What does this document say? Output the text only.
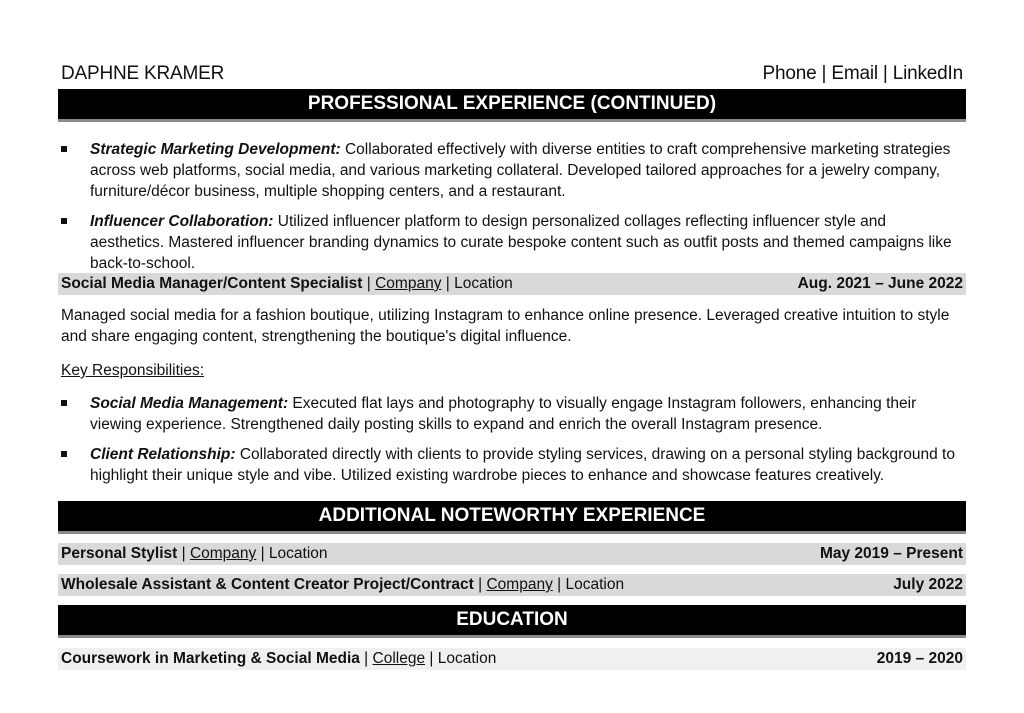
DAPHNE KRAMER	Phone | Email | LinkedIn
PROFESSIONAL EXPERIENCE (CONTINUED)
Strategic Marketing Development: Collaborated effectively with diverse entities to craft comprehensive marketing strategies across web platforms, social media, and various marketing collateral. Developed tailored approaches for a jewelry company, furniture/décor business, multiple shopping centers, and a restaurant.
Influencer Collaboration: Utilized influencer platform to design personalized collages reflecting influencer style and aesthetics. Mastered influencer branding dynamics to curate bespoke content such as outfit posts and themed campaigns like back-to-school.
Social Media Manager/Content Specialist | Company | Location	Aug. 2021 – June 2022

Managed social media for a fashion boutique, utilizing Instagram to enhance online presence. Leveraged creative intuition to style and share engaging content, strengthening the boutique's digital influence.

Key Responsibilities:
Social Media Management: Executed flat lays and photography to visually engage Instagram followers, enhancing their viewing experience. Strengthened daily posting skills to expand and enrich the overall Instagram presence.
Client Relationship: Collaborated directly with clients to provide styling services, drawing on a personal styling background to highlight their unique style and vibe. Utilized existing wardrobe pieces to enhance and showcase features creatively.
ADDITIONAL NOTEWORTHY EXPERIENCE
Personal Stylist | Company | Location	May 2019 – Present
Wholesale Assistant & Content Creator Project/Contract | Company | Location	July 2022
EDUCATION
Coursework in Marketing & Social Media | College | Location	2019 – 2020
